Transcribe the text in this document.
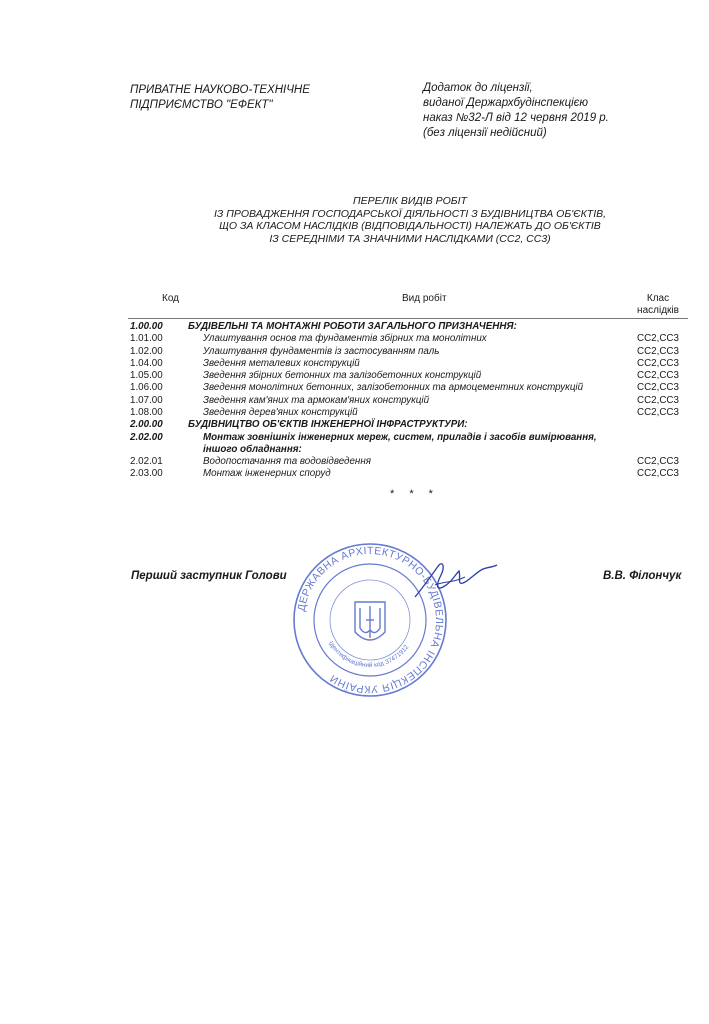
ПРИВАТНЕ НАУКОВО-ТЕХНІЧНЕ
ПІДПРИЄМСТВО "ЕФЕКТ"
Додаток до ліцензії,
виданої Держархбудінспекцією
наказ №32-Л від 12 червня 2019 р.
(без ліцензії недійсний)
ПЕРЕЛІК ВИДІВ РОБІТ
ІЗ ПРОВАДЖЕННЯ ГОСПОДАРСЬКОЇ ДІЯЛЬНОСТІ З БУДІВНИЦТВА ОБ'ЄКТІВ,
ЩО ЗА КЛАСОМ НАСЛІДКІВ (ВІДПОВІДАЛЬНОСТІ) НАЛЕЖАТЬ ДО ОБ'ЄКТІВ
ІЗ СЕРЕДНІМИ ТА ЗНАЧНИМИ НАСЛІДКАМИ (СС2, СС3)
Код	Вид робіт	Клас
наслідків
1.00.00	БУДІВЕЛЬНІ ТА МОНТАЖНІ РОБОТИ ЗАГАЛЬНОГО ПРИЗНАЧЕННЯ:
1.01.00	Улаштування основ та фундаментів збірних та монолітних	СС2,СС3
1.02.00	Улаштування фундаментів із застосуванням паль	СС2,СС3
1.04.00	Зведення металевих конструкцій	СС2,СС3
1.05.00	Зведення збірних бетонних та залізобетонних конструкцій	СС2,СС3
1.06.00	Зведення монолітних бетонних, залізобетонних та армоцементних конструкцій	СС2,СС3
1.07.00	Зведення кам'яних та армокам'яних конструкцій	СС2,СС3
1.08.00	Зведення дерев'яних конструкцій	СС2,СС3
2.00.00	БУДІВНИЦТВО ОБ'ЄКТІВ ІНЖЕНЕРНОЇ ІНФРАСТРУКТУРИ:
2.02.00	Монтаж зовнішніх інженерних мереж, систем, приладів і засобів вимірювання, іншого обладнання:
2.02.01	Водопостачання та водовідведення	СС2,СС3
2.03.00	Монтаж інженерних споруд	СС2,СС3
* * *
ДЕРЖАВНА АРХІТЕКТУРНО-БУДІВЕЛЬНА ІНСПЕКЦІЯ УКРАЇНИ
Ідентифікаційний код 37471912
Перший заступник Голови	В.В. Філончук
